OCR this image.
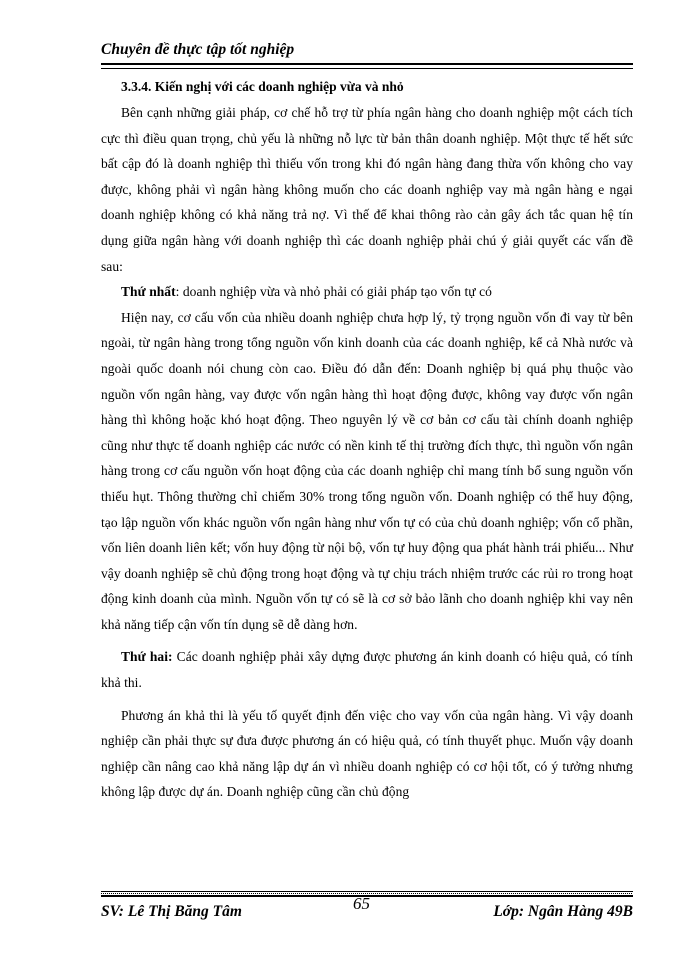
Chuyên đề thực tập tốt nghiệp
3.3.4. Kiến nghị với các doanh nghiệp vừa và nhỏ

Bên cạnh những giải pháp, cơ chế hỗ trợ từ phía ngân hàng cho doanh nghiệp một cách tích cực thì điều quan trọng, chủ yếu là những nỗ lực từ bản thân doanh nghiệp. Một thực tế hết sức bất cập đó là doanh nghiệp thì thiếu vốn trong khi đó ngân hàng đang thừa vốn không cho vay được, không phải vì ngân hàng không muốn cho các doanh nghiệp vay mà ngân hàng e ngại doanh nghiệp không có khả năng trả nợ. Vì thế để khai thông rào cản gây ách tắc quan hệ tín dụng giữa ngân hàng với doanh nghiệp thì các doanh nghiệp phải chú ý giải quyết các vấn đề sau:

Thứ nhất: doanh nghiệp vừa và nhỏ phải có giải pháp tạo vốn tự có

Hiện nay, cơ cấu vốn của nhiều doanh nghiệp chưa hợp lý, tỷ trọng nguồn vốn đi vay từ bên ngoài, từ ngân hàng trong tổng nguồn vốn kinh doanh của các doanh nghiệp, kể cả Nhà nước và ngoài quốc doanh nói chung còn cao. Điều đó dẫn đến: Doanh nghiệp bị quá phụ thuộc vào nguồn vốn ngân hàng, vay được vốn ngân hàng thì hoạt động được, không vay được vốn ngân hàng thì không hoặc khó hoạt động. Theo nguyên lý về cơ bản cơ cấu tài chính doanh nghiệp cũng như thực tế doanh nghiệp các nước có nền kinh tế thị trường đích thực, thì nguồn vốn ngân hàng trong cơ cấu nguồn vốn hoạt động của các doanh nghiệp chỉ mang tính bổ sung nguồn vốn thiếu hụt. Thông thường chỉ chiếm 30% trong tổng nguồn vốn. Doanh nghiệp có thể huy động, tạo lập nguồn vốn khác nguồn vốn ngân hàng như vốn tự có của chủ doanh nghiệp; vốn cổ phần, vốn liên doanh liên kết; vốn huy động từ nội bộ, vốn tự huy động qua phát hành trái phiếu... Như vậy doanh nghiệp sẽ chủ động trong hoạt động và tự chịu trách nhiệm trước các rủi ro trong hoạt động kinh doanh của mình. Nguồn vốn tự có sẽ là cơ sở bảo lãnh cho doanh nghiệp khi vay nên khả năng tiếp cận vốn tín dụng sẽ dễ dàng hơn.

Thứ hai: Các doanh nghiệp phải xây dựng được phương án kinh doanh có hiệu quả, có tính khả thi.

Phương án khả thi là yếu tố quyết định đến việc cho vay vốn của ngân hàng. Vì vậy doanh nghiệp cần phải thực sự đưa được phương án có hiệu quả, có tính thuyết phục. Muốn vậy doanh nghiệp cần nâng cao khả năng lập dự án vì nhiều doanh nghiệp có cơ hội tốt, có ý tưởng nhưng không lập được dự án. Doanh nghiệp cũng cần chủ động

SV: Lê Thị Băng Tâm	65	Lớp: Ngân Hàng 49B
